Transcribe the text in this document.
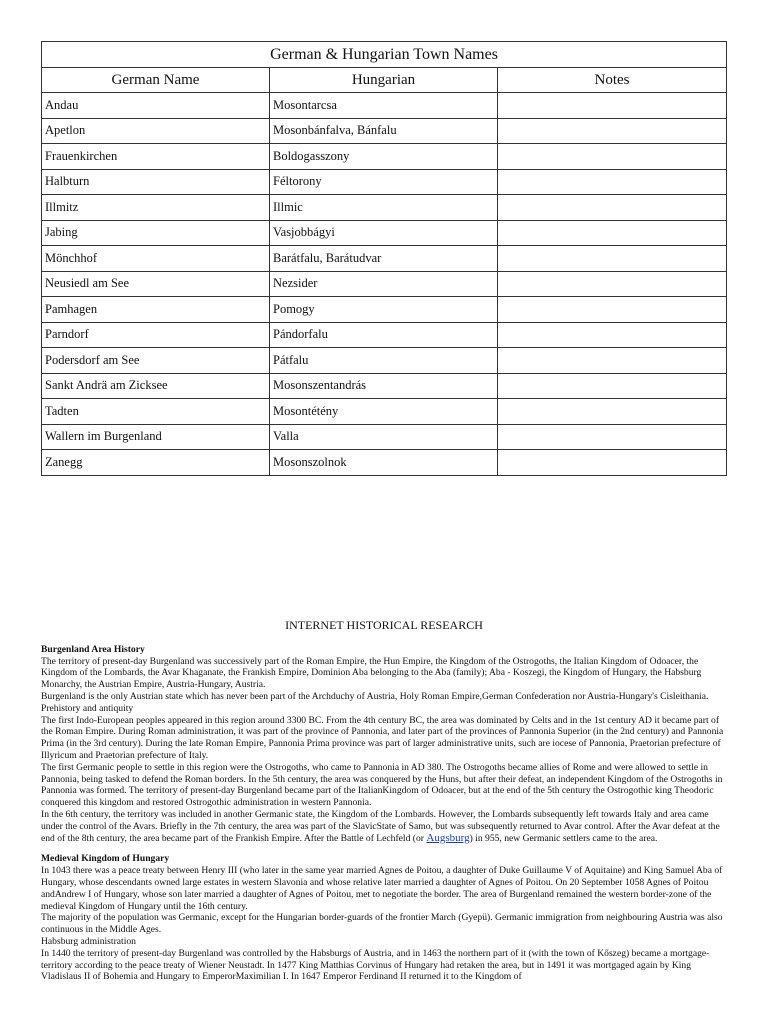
German & Hungarian Town Names		
German Name	Hungarian	Notes
Andau	Mosontarcsa	
Apetlon	Mosonbánfalva, Bánfalu	
Frauenkirchen	Boldogasszony	
Halbturn	Féltorony	
Illmitz	Illmic	
Jabing	Vasjobbágyi	
Mönchhof	Barátfalu, Barátudvar	
Neusiedl am See	Nezsider	
Pamhagen	Pomogy	
Parndorf	Pándorfalu	
Podersdorf am See	Pátfalu	
Sankt Andrä am Zicksee	Mosonszentandrás	
Tadten	Mosontétény	
Wallern im Burgenland	Valla	
Zanegg	Mosonszolnok	

INTERNET HISTORICAL RESEARCH

Burgenland Area History

The territory of present-day Burgenland was successively part of the Roman Empire, the Hun Empire, the Kingdom of the Ostrogoths, the Italian Kingdom of Odoacer, the Kingdom of the Lombards, the Avar Khaganate, the Frankish Empire, Dominion Aba belonging to the Aba (family); Aba - Koszegi, the Kingdom of Hungary, the Habsburg Monarchy, the Austrian Empire, Austria-Hungary, Austria.

Burgenland is the only Austrian state which has never been part of the Archduchy of Austria, Holy Roman Empire,German Confederation nor Austria-Hungary's Cisleithania.

Prehistory and antiquity

The first Indo-European peoples appeared in this region around 3300 BC. From the 4th century BC, the area was dominated by Celts and in the 1st century AD it became part of the Roman Empire. During Roman administration, it was part of the province of Pannonia, and later part of the provinces of Pannonia Superior (in the 2nd century) and Pannonia Prima (in the 3rd century). During the late Roman Empire, Pannonia Prima province was part of larger administrative units, such are iocese of Pannonia, Praetorian prefecture of Illyricum and Praetorian prefecture of Italy.

The first Germanic people to settle in this region were the Ostrogoths, who came to Pannonia in AD 380. The Ostrogoths became allies of Rome and were allowed to settle in Pannonia, being tasked to defend the Roman borders. In the 5th century, the area was conquered by the Huns, but after their defeat, an independent Kingdom of the Ostrogoths in Pannonia was formed. The territory of present-day Burgenland became part of the ItalianKingdom of Odoacer, but at the end of the 5th century the Ostrogothic king Theodoric conquered this kingdom and restored Ostrogothic administration in western Pannonia.

In the 6th century, the territory was included in another Germanic state, the Kingdom of the Lombards. However, the Lombards subsequently left towards Italy and area came under the control of the Avars. Briefly in the 7th century, the area was part of the SlavicState of Samo, but was subsequently returned to Avar control. After the Avar defeat at the end of the 8th century, the area became part of the Frankish Empire. After the Battle of Lechfeld (or Augsburg) in 955, new Germanic settlers came to the area.

Medieval Kingdom of Hungary

In 1043 there was a peace treaty between Henry III (who later in the same year married Agnes de Poitou, a daughter of Duke Guillaume V of Aquitaine) and King Samuel Aba of Hungary, whose descendants owned large estates in western Slavonia and whose relative later married a daughter of Agnes of Poitou. On 20 September 1058 Agnes of Poitou andAndrew I of Hungary, whose son later married a daughter of Agnes of Poitou, met to negotiate the border. The area of Burgenland remained the western border-zone of the medieval Kingdom of Hungary until the 16th century.

The majority of the population was Germanic, except for the Hungarian border-guards of the frontier March (Gyepü). Germanic immigration from neighbouring Austria was also continuous in the Middle Ages.

Habsburg administration

In 1440 the territory of present-day Burgenland was controlled by the Habsburgs of Austria, and in 1463 the northern part of it (with the town of Kőszeg) became a mortgage-territory according to the peace treaty of Wiener Neustadt. In 1477 King Matthias Corvinus of Hungary had retaken the area, but in 1491 it was mortgaged again by King Vladislaus II of Bohemia and Hungary to EmperorMaximilian I. In 1647 Emperor Ferdinand II returned it to the Kingdom of
